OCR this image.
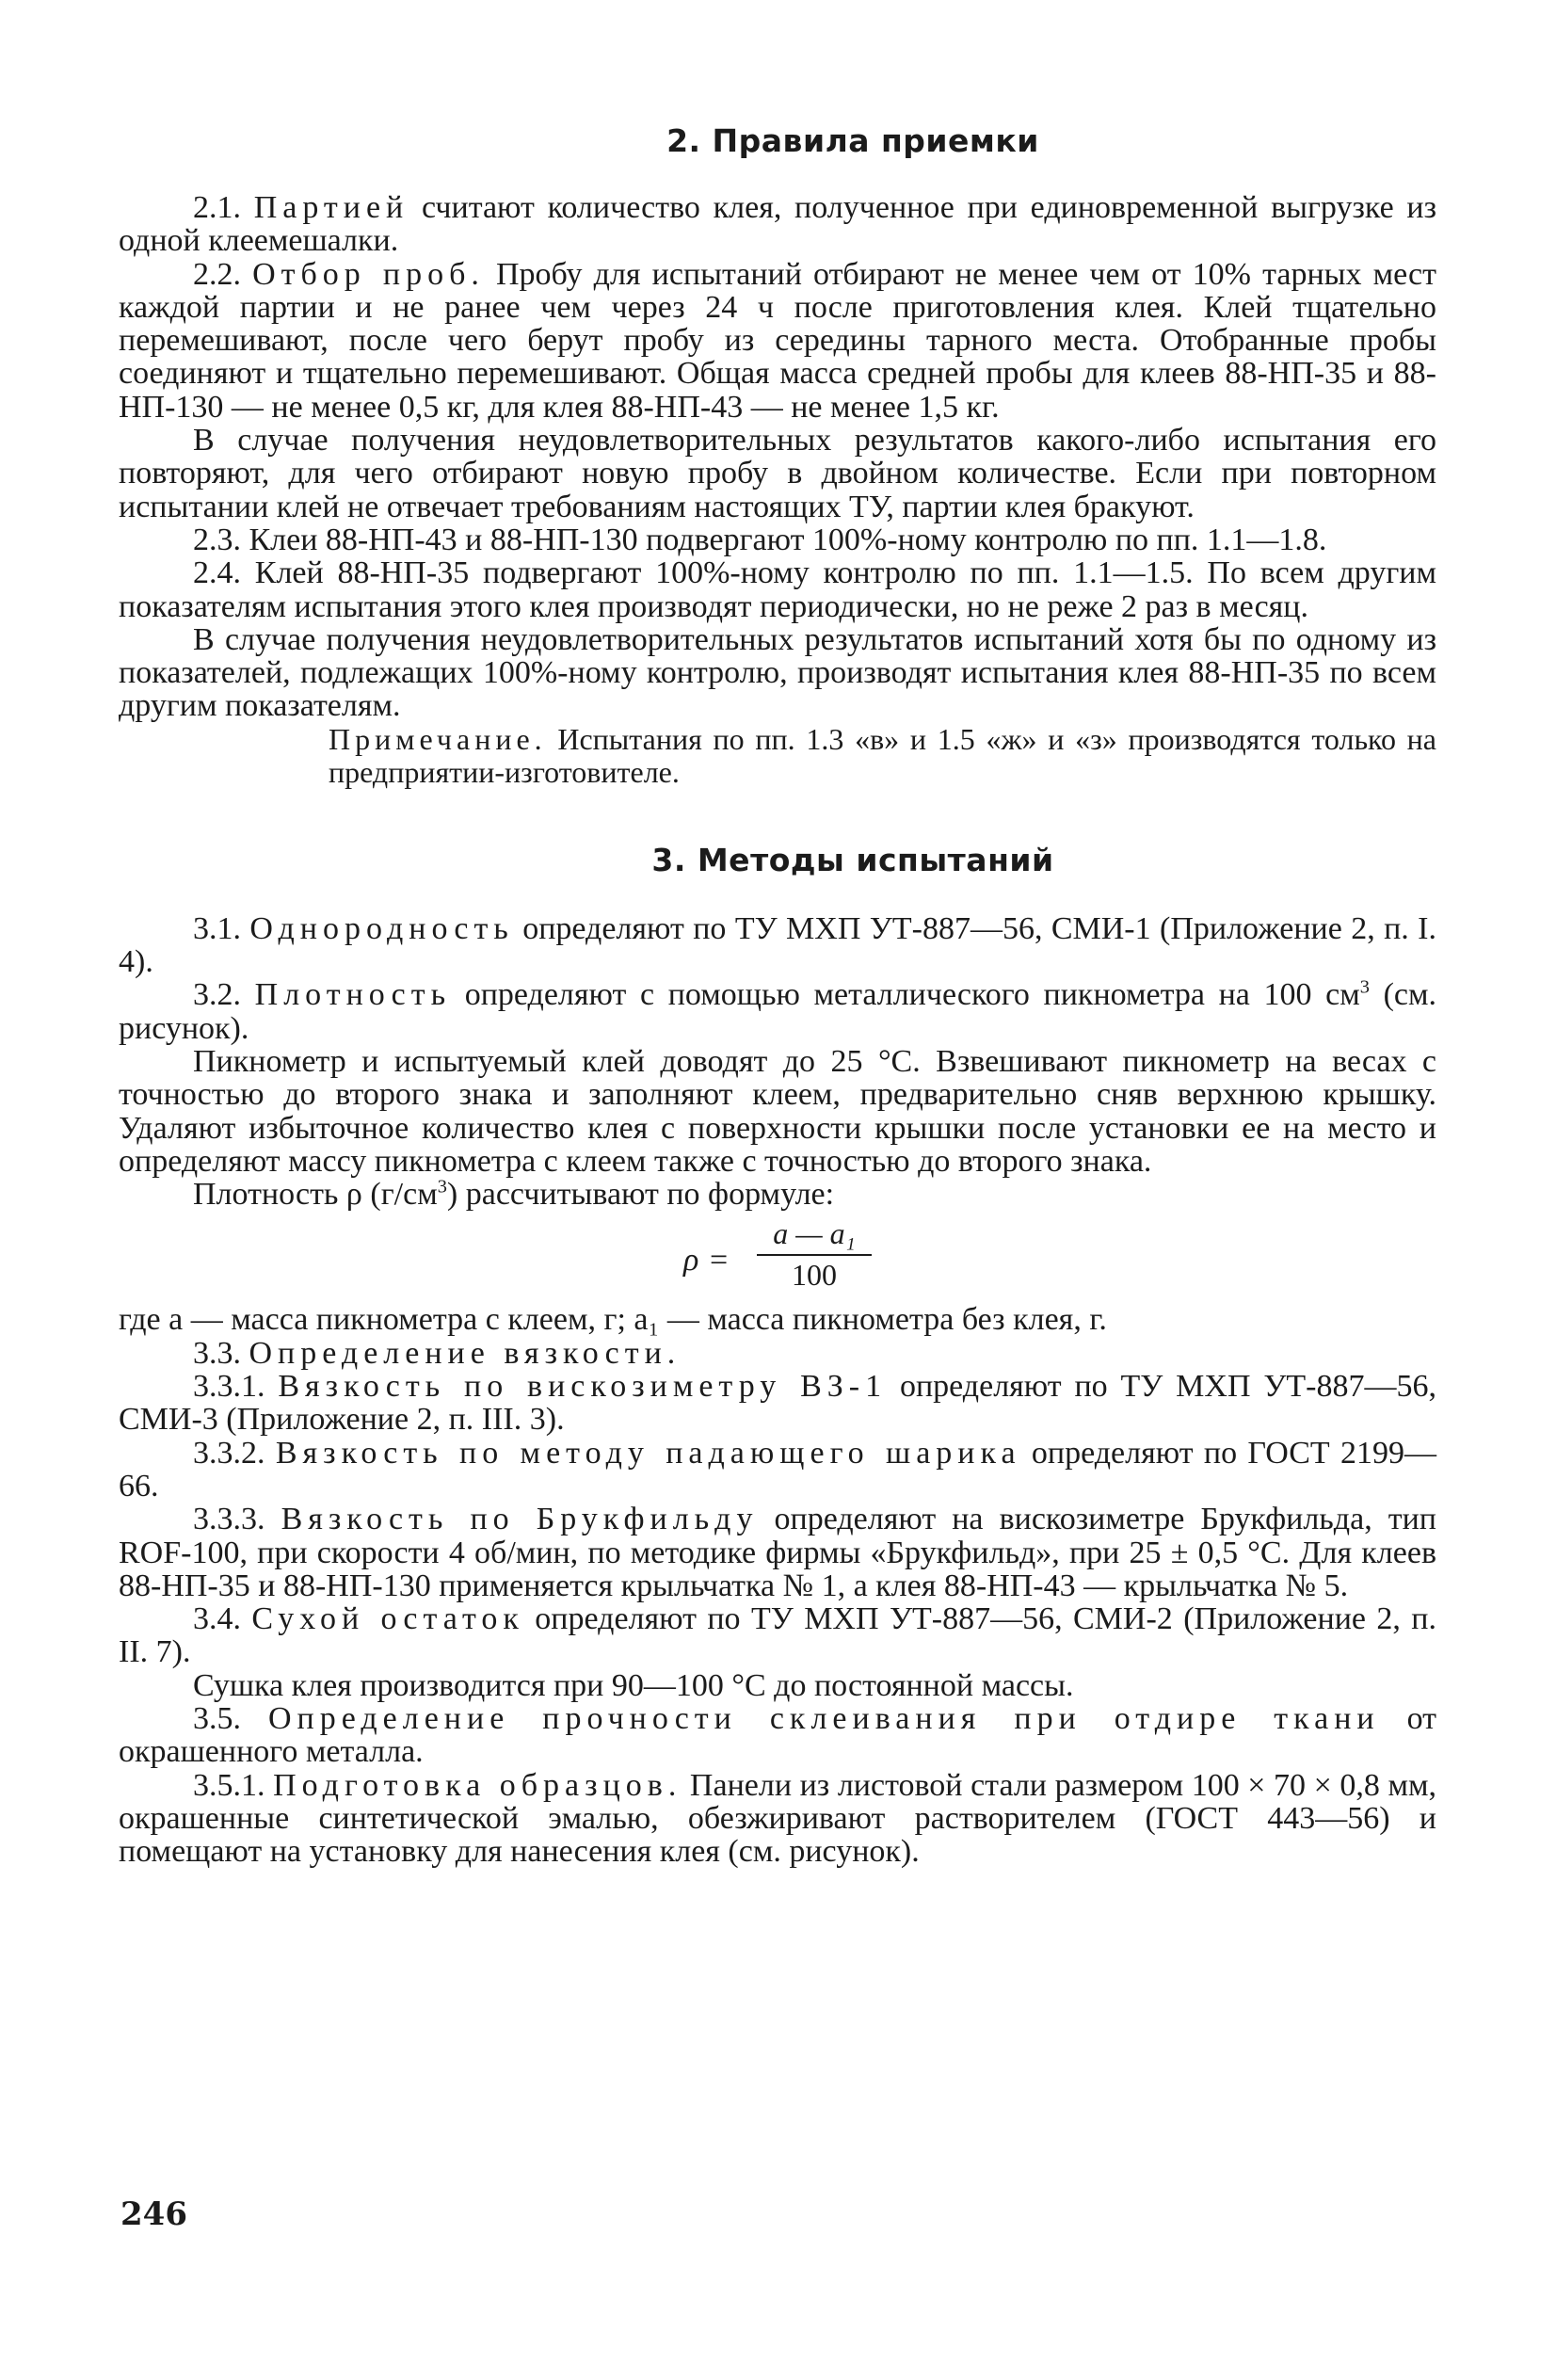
2. Правила приемки

2.1. Партией считают количество клея, полученное при единовременной выгрузке из одной клеемешалки.

2.2. Отбор проб. Пробу для испытаний отбирают не менее чем от 10% тарных мест каждой партии и не ранее чем через 24 ч после приготовления клея. Клей тщательно перемешивают, после чего берут пробу из середины тарного места. Отобранные пробы соединяют и тщательно перемешивают. Общая масса средней пробы для клеев 88-НП-35 и 88-НП-130 — не менее 0,5 кг, для клея 88-НП-43 — не менее 1,5 кг.

В случае получения неудовлетворительных результатов какого-либо испытания его повторяют, для чего отбирают новую пробу в двойном количестве. Если при повторном испытании клей не отвечает требованиям настоящих ТУ, партии клея бракуют.

2.3. Клеи 88-НП-43 и 88-НП-130 подвергают 100%-ному контролю по пп. 1.1—1.8.

2.4. Клей 88-НП-35 подвергают 100%-ному контролю по пп. 1.1—1.5. По всем другим показателям испытания этого клея производят периодически, но не реже 2 раз в месяц.

В случае получения неудовлетворительных результатов испытаний хотя бы по одному из показателей, подлежащих 100%-ному контролю, производят испытания клея 88-НП-35 по всем другим показателям.

Примечание. Испытания по пп. 1.3 «в» и 1.5 «ж» и «з» производятся только на предприятии-изготовителе.

3. Методы испытаний

3.1. Однородность определяют по ТУ МХП УТ-887—56, СМИ-1 (Приложение 2, п. I. 4).

3.2. Плотность определяют с помощью металлического пикнометра на 100 $см^3$ (см. рисунок).

Пикнометр и испытуемый клей доводят до 25 °С. Взвешивают пикнометр на весах с точностью до второго знака и заполняют клеем, предварительно сняв верхнюю крышку. Удаляют избыточное количество клея с поверхности крышки после установки ее на место и определяют массу пикнометра с клеем также с точностью до второго знака.

Плотность ρ $(г/см^3)$ рассчитывают по формуле:

ρ =
a — a₁
100

где a — масса пикнометра с клеем, г; a₁ — масса пикнометра без клея, г.

3.3. Определение вязкости.

3.3.1. Вязкость по вискозиметру ВЗ-1 определяют по ТУ МХП УТ-887—56, СМИ-3 (Приложение 2, п. III. 3).

3.3.2. Вязкость по методу падающего шарика определяют по ГОСТ 2199—66.

3.3.3. Вязкость по Брукфильду определяют на вискозиметре Брукфильда, тип ROF-100, при скорости 4 об/мин, по методике фирмы «Брукфильд», при 25 ± 0,5 °С. Для клеев 88-НП-35 и 88-НП-130 применяется крыльчатка № 1, а клея 88-НП-43 — крыльчатка № 5.

3.4. Сухой остаток определяют по ТУ МХП УТ-887—56, СМИ-2 (Приложение 2, п. II. 7).

Сушка клея производится при 90—100 °С до постоянной массы.

3.5. Определение прочности склеивания при отдире ткани от окрашенного металла.

3.5.1. Подготовка образцов. Панели из листовой стали размером 100 × 70 × 0,8 мм, окрашенные синтетической эмалью, обезжиривают растворителем (ГОСТ 443—56) и помещают на установку для нанесения клея (см. рисунок).

246
